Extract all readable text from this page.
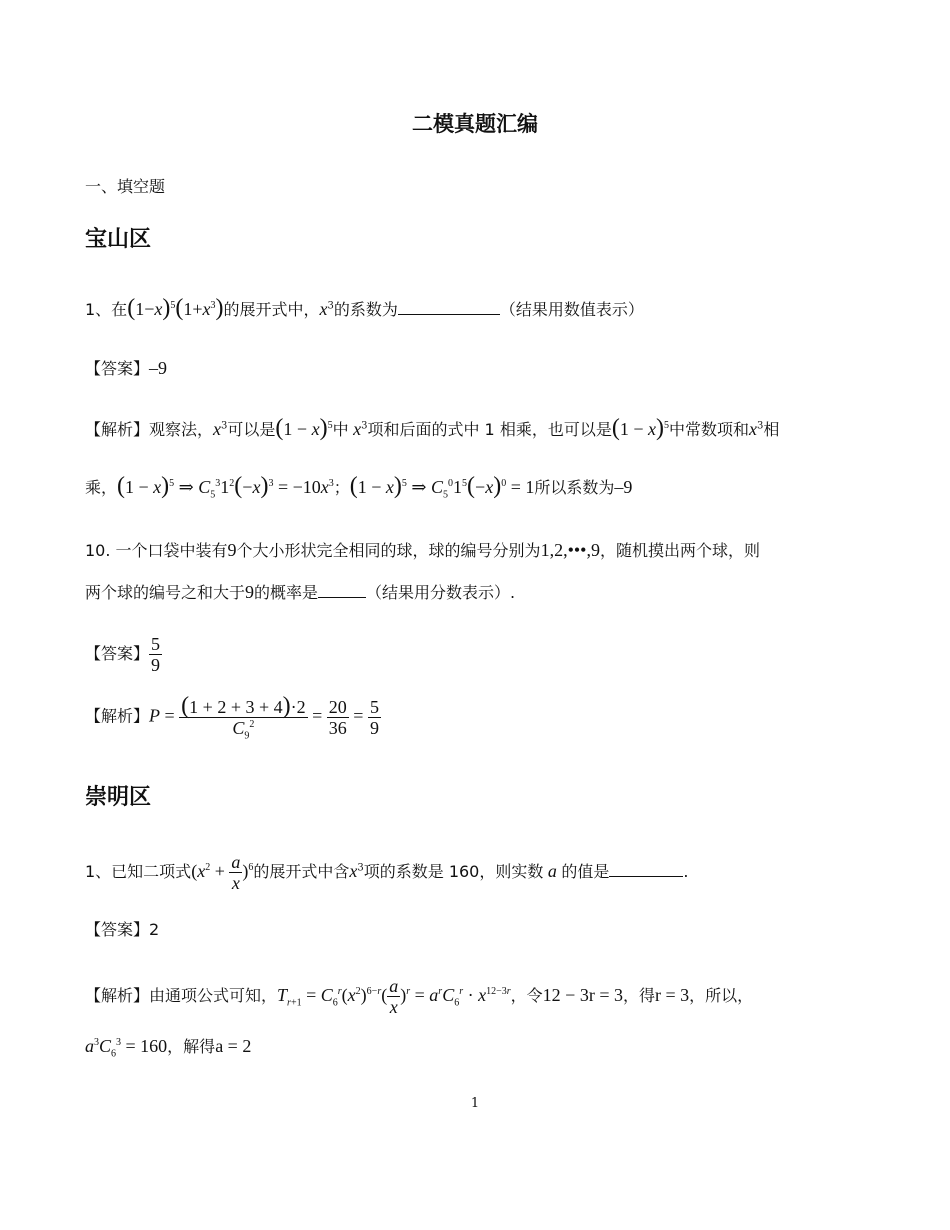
二模真题汇编
一、填空题
宝山区
1、在$(1-x)^5(1+x^3)$的展开式中，$x^3$的系数为	（结果用数值表示）
【答案】–9
【解析】观察法，$x^3$可以是$(1 - x)^5$中 $x^3$项和后面的式中 1 相乘，也可以是$(1 - x)^5$中常数项和$x^3$相
乘，$(1 - x)^5$ ⇒ $C_5^31^2(-x)^3 = -10x^3$；$(1 - x)^5$ ⇒ $C_5^01^5(-x)^0 = 1$所以系数为–9
10. 一个口袋中装有9个大小形状完全相同的球，球的编号分别为1,2,•••,9，随机摸出两个球，则
两个球的编号之和大于9的概率是	（结果用分数表示）.
【答案】 $\frac{5}{9}$
【解析】$P = \frac{(1 + 2 + 3 + 4)\cdot 2}{C_9^2} = \frac{20}{36} = \frac{5}{9}$
崇明区
1、已知二项式$(x^2 + \frac{a}{x} )^6$的展开式中含$x^3$项的系数是 160，则实数 a 的值是	.
【答案】2
【解析】由通项公式可知，$T_{r+1} = C_6^r(x^2)^{6-r}( \frac{a}{x} )^r = a^rC_6^r \cdot x^{12-3r}$，令12 − 3r = 3，得r = 3，所以，
$a^3C_6^3 = 160$，解得a = 2
1
